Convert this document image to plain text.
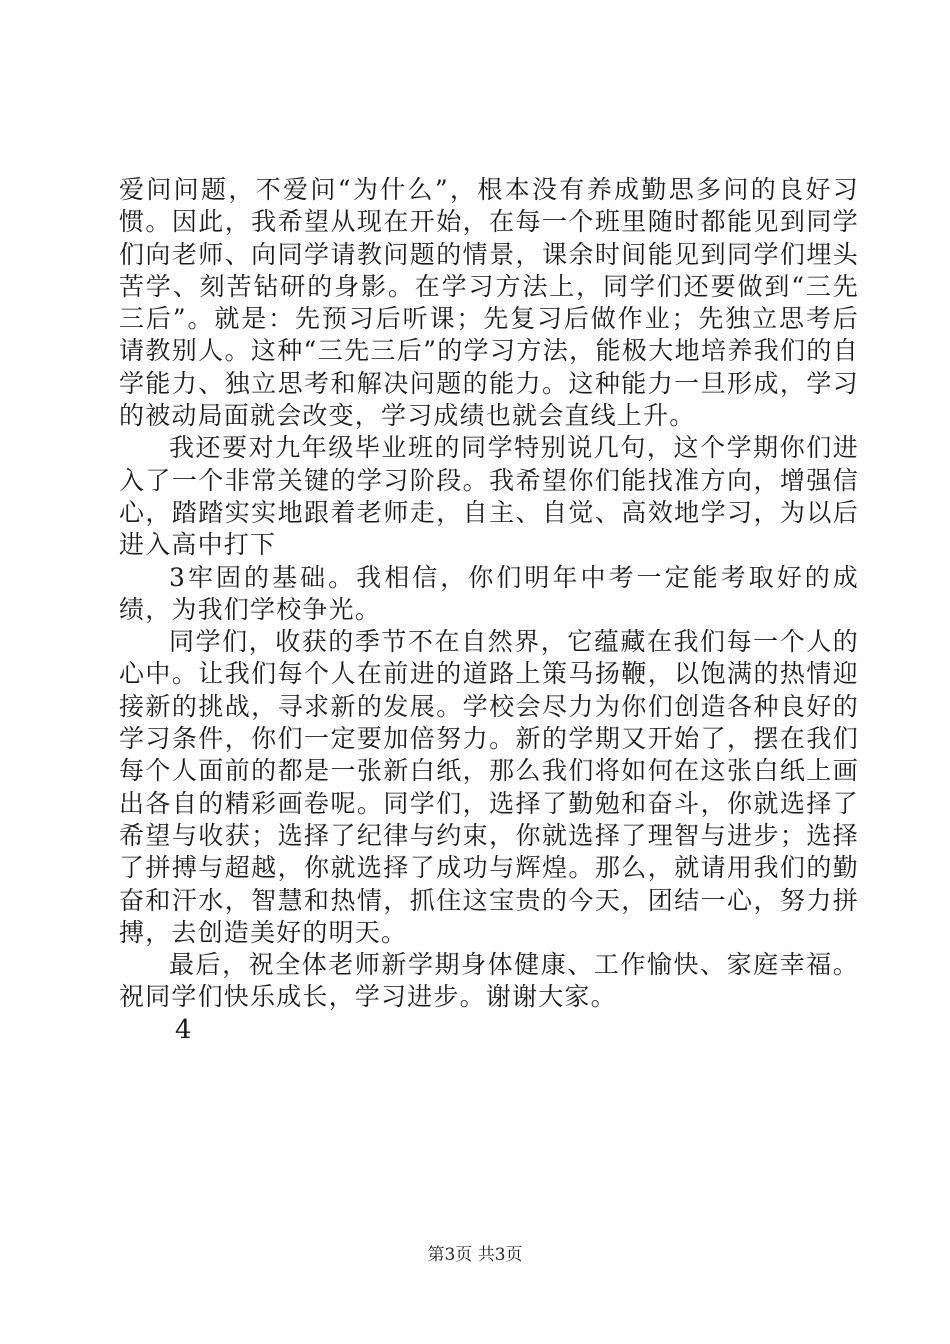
爱问问题，不爱问“为什么”，根本没有养成勤思多问的良好习惯。因此，我希望从现在开始，在每一个班里随时都能见到同学们向老师、向同学请教问题的情景，课余时间能见到同学们埋头苦学、刻苦钻研的身影。在学习方法上，同学们还要做到“三先三后”。就是：先预习后听课；先复习后做作业；先独立思考后请教别人。这种“三先三后”的学习方法，能极大地培养我们的自学能力、独立思考和解决问题的能力。这种能力一旦形成，学习的被动局面就会改变，学习成绩也就会直线上升。

我还要对九年级毕业班的同学特别说几句，这个学期你们进入了一个非常关键的学习阶段。我希望你们能找准方向，增强信心，踏踏实实地跟着老师走，自主、自觉、高效地学习，为以后进入高中打下

3牢固的基础。我相信，你们明年中考一定能考取好的成绩，为我们学校争光。

同学们，收获的季节不在自然界，它蕴藏在我们每一个人的心中。让我们每个人在前进的道路上策马扬鞭，以饱满的热情迎接新的挑战，寻求新的发展。学校会尽力为你们创造各种良好的学习条件，你们一定要加倍努力。新的学期又开始了，摆在我们每个人面前的都是一张新白纸，那么我们将如何在这张白纸上画出各自的精彩画卷呢。同学们，选择了勤勉和奋斗，你就选择了希望与收获；选择了纪律与约束，你就选择了理智与进步；选择了拼搏与超越，你就选择了成功与辉煌。那么，就请用我们的勤奋和汗水，智慧和热情，抓住这宝贵的今天，团结一心，努力拼搏，去创造美好的明天。

最后，祝全体老师新学期身体健康、工作愉快、家庭幸福。祝同学们快乐成长，学习进步。谢谢大家。

4

第3页 共3页
